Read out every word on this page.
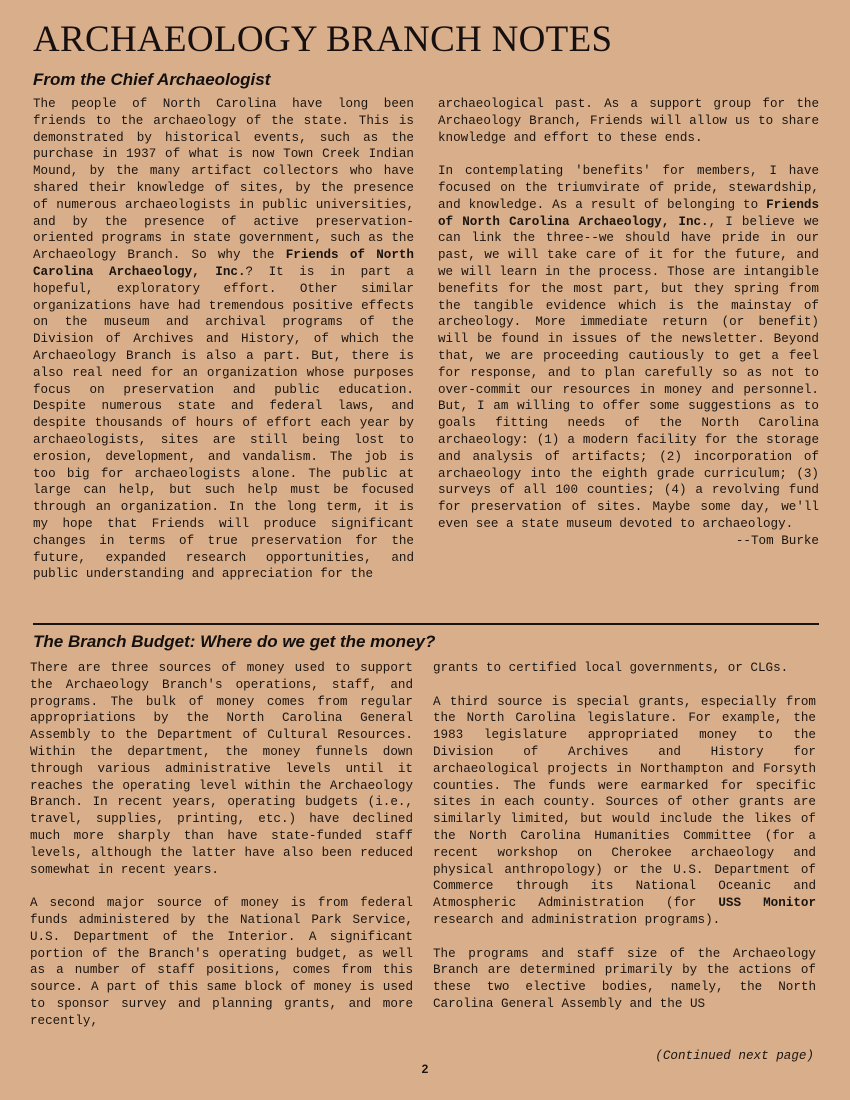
ARCHAEOLOGY BRANCH NOTES
From the Chief Archaeologist

The people of North Carolina have long been friends to the archaeology of the state. This is demonstrated by historical events, such as the purchase in 1937 of what is now Town Creek Indian Mound, by the many artifact collectors who have shared their knowledge of sites, by the presence of numerous archaeologists in public universities, and by the presence of active preservation-oriented programs in state government, such as the Archaeology Branch. So why the Friends of North Carolina Archaeology, Inc.? It is in part a hopeful, exploratory effort. Other similar organizations have had tremendous positive effects on the museum and archival programs of the Division of Archives and History, of which the Archaeology Branch is also a part. But, there is also real need for an organization whose purposes focus on preservation and public education. Despite numerous state and federal laws, and despite thousands of hours of effort each year by archaeologists, sites are still being lost to erosion, development, and vandalism. The job is too big for archaeologists alone. The public at large can help, but such help must be focused through an organization. In the long term, it is my hope that Friends will produce significant changes in terms of true preservation for the future, expanded research opportunities, and public understanding and appreciation for the

archaeological past. As a support group for the Archaeology Branch, Friends will allow us to share knowledge and effort to these ends.

In contemplating 'benefits' for members, I have focused on the triumvirate of pride, stewardship, and knowledge. As a result of belonging to Friends of North Carolina Archaeology, Inc., I believe we can link the three--we should have pride in our past, we will take care of it for the future, and we will learn in the process. Those are intangible benefits for the most part, but they spring from the tangible evidence which is the mainstay of archeology. More immediate return (or benefit) will be found in issues of the newsletter. Beyond that, we are proceeding cautiously to get a feel for response, and to plan carefully so as not to over-commit our resources in money and personnel. But, I am willing to offer some suggestions as to goals fitting needs of the North Carolina archaeology: (1) a modern facility for the storage and analysis of artifacts; (2) incorporation of archaeology into the eighth grade curriculum; (3) surveys of all 100 counties; (4) a revolving fund for preservation of sites. Maybe some day, we'll even see a state museum devoted to archaeology.

--Tom Burke

The Branch Budget: Where do we get the money?

There are three sources of money used to support the Archaeology Branch's operations, staff, and programs. The bulk of money comes from regular appropriations by the North Carolina General Assembly to the Department of Cultural Resources. Within the department, the money funnels down through various administrative levels until it reaches the operating level within the Archaeology Branch. In recent years, operating budgets (i.e., travel, supplies, printing, etc.) have declined much more sharply than have state-funded staff levels, although the latter have also been reduced somewhat in recent years.

A second major source of money is from federal funds administered by the National Park Service, U.S. Department of the Interior. A significant portion of the Branch's operating budget, as well as a number of staff positions, comes from this source. A part of this same block of money is used to sponsor survey and planning grants, and more recently,

grants to certified local governments, or CLGs.

A third source is special grants, especially from the North Carolina legislature. For example, the 1983 legislature appropriated money to the Division of Archives and History for archaeological projects in Northampton and Forsyth counties. The funds were earmarked for specific sites in each county. Sources of other grants are similarly limited, but would include the likes of the North Carolina Humanities Committee (for a recent workshop on Cherokee archaeology and physical anthropology) or the U.S. Department of Commerce through its National Oceanic and Atmospheric Administration (for USS Monitor research and administration programs).

The programs and staff size of the Archaeology Branch are determined primarily by the actions of these two elective bodies, namely, the North Carolina General Assembly and the US

(Continued next page)

2
